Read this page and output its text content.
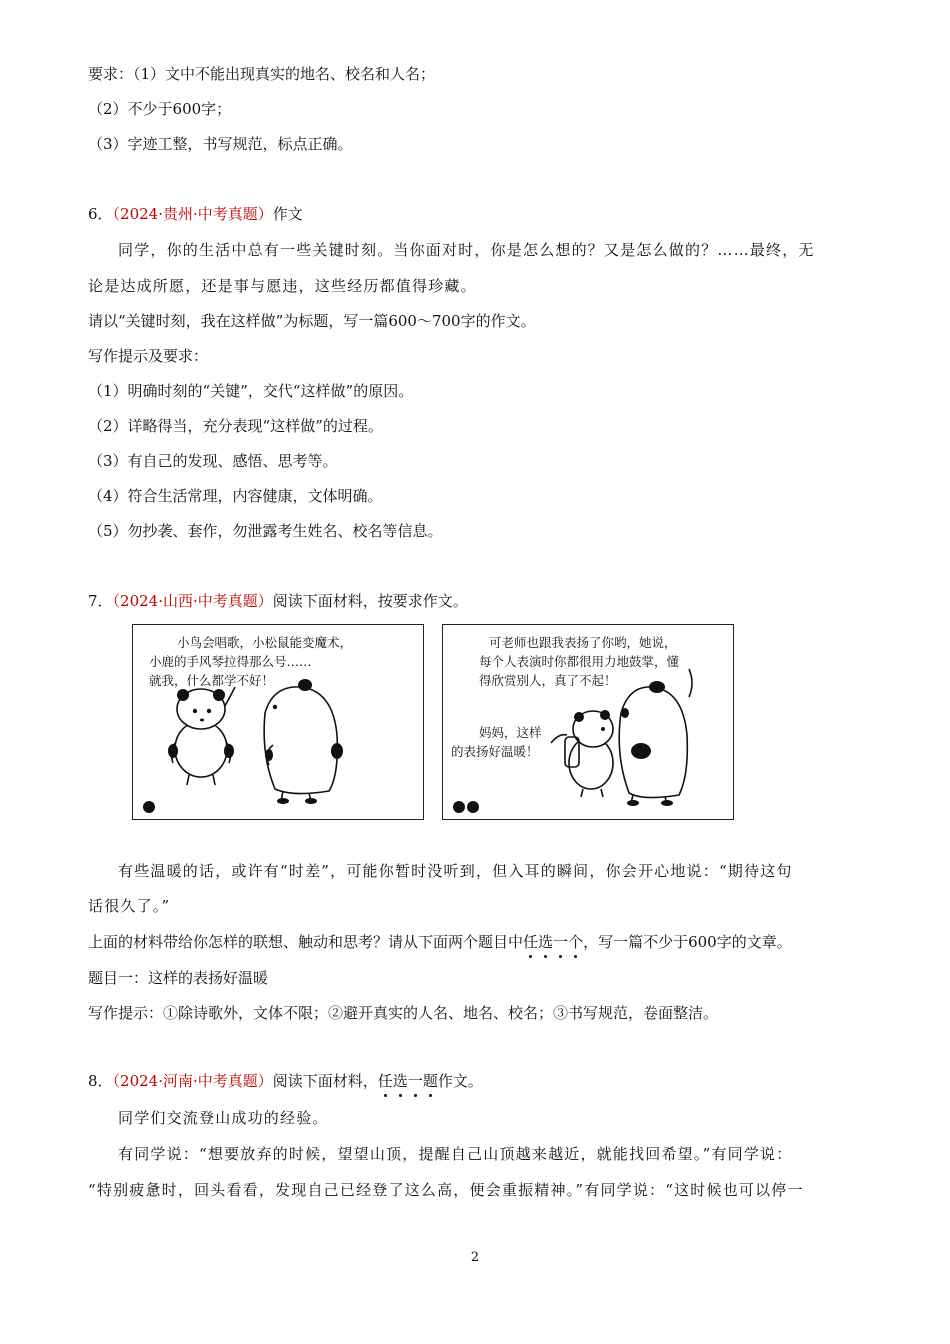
要求：（1）文中不能出现真实的地名、校名和人名；
（2）不少于600字；
（3）字迹工整，书写规范，标点正确。
6．（2024·贵州·中考真题）作文
同学，你的生活中总有一些关键时刻。当你面对时，你是怎么想的？又是怎么做的？……最终，无
论是达成所愿，还是事与愿违，这些经历都值得珍藏。
请以“关键时刻，我在这样做”为标题，写一篇600～700字的作文。
写作提示及要求：
（1）明确时刻的“关键”，交代“这样做”的原因。
（2）详略得当，充分表现“这样做”的过程。
（3）有自己的发现、感悟、思考等。
（4）符合生活常理，内容健康，文体明确。
（5）勿抄袭、套作，勿泄露考生姓名、校名等信息。
7．（2024·山西·中考真题）阅读下面材料，按要求作文。
小鸟会唱歌，小松鼠能变魔术，
小鹿的手风琴拉得那么号……
就我，什么都学不好！
可老师也跟我表扬了你哟，她说，
每个人表演时你都很用力地鼓掌，懂
得欣赏别人，真了不起！
妈妈，这样
的表扬好温暖！
有些温暖的话，或许有“时差”，可能你暂时没听到，但入耳的瞬间，你会开心地说：“期待这句
话很久了。”
上面的材料带给你怎样的联想、触动和思考？请从下面两个题目中任选一个，写一篇不少于600字的文章。
题目一：这样的表扬好温暖
写作提示：①除诗歌外，文体不限；②避开真实的人名、地名、校名；③书写规范，卷面整洁。
8．（2024·河南·中考真题）阅读下面材料，任选一题作文。
同学们交流登山成功的经验。
有同学说：“想要放弃的时候，望望山顶，提醒自己山顶越来越近，就能找回希望。”有同学说：
“特别疲惫时，回头看看，发现自己已经登了这么高，便会重振精神。”有同学说：“这时候也可以停一
2
